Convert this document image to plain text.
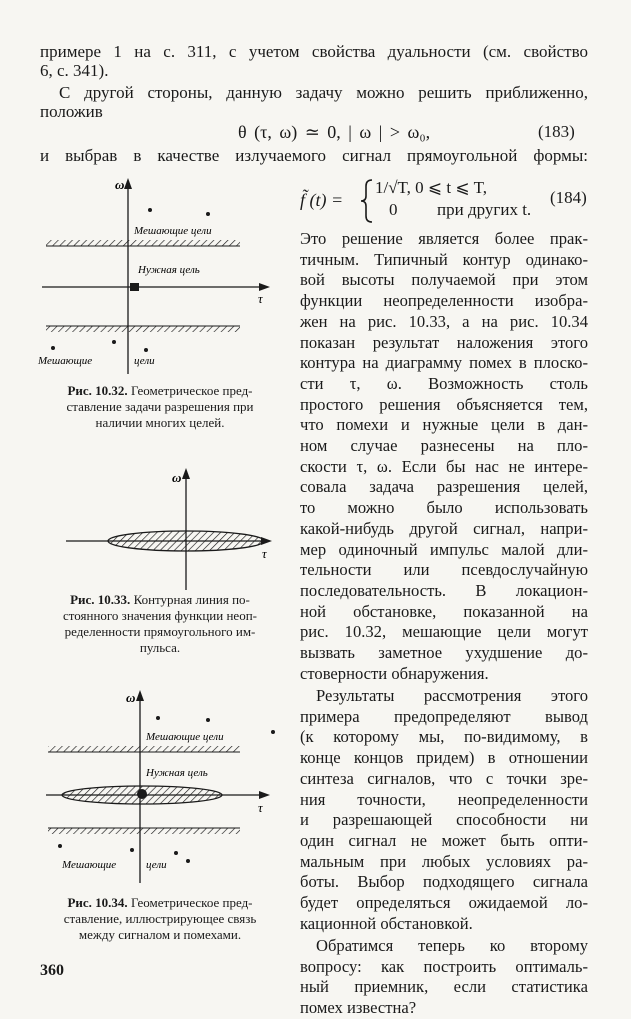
примере 1 на с. 311, с учетом свойства дуальности (см. свойство
6, с. 341).
С другой стороны, данную задачу можно решить приближенно,
положив
θ (τ, ω) ≃ 0, | ω | > ω₀,	(183)
и выбрав в качестве излучаемого сигнал прямоугольной формы:
f̃ (t) =
1/√T, 0 ⩽ t ⩽ T,
0 при других t.
(184)
Это решение является более прак-
тичным. Типичный контур одинако-
вой высоты получаемой при этом
функции неопределенности изобра-
жен на рис. 10.33, а на рис. 10.34
показан результат наложения этого
контура на диаграмму помех в плоско-
сти τ, ω. Возможность столь
простого решения объясняется тем,
что помехи и нужные цели в дан-
ном случае разнесены на пло-
скости τ, ω. Если бы нас не интере-
совала задача разрешения целей,
то можно было использовать
какой-нибудь другой сигнал, напри-
мер одиночный импульс малой дли-
тельности или псевдослучайную
последовательность. В локацион-
ной обстановке, показанной на
рис. 10.32, мешающие цели могут
вызвать заметное ухудшение до-
стоверности обнаружения.
Результаты рассмотрения этого
примера предопределяют вывод
(к которому мы, по-видимому, в
конце концов придем) в отношении
синтеза сигналов, что с точки зре-
ния точности, неопределенности
и разрешающей способности ни
один сигнал не может быть опти-
мальным при любых условиях ра-
боты. Выбор подходящего сигнала
будет определяться ожидаемой ло-
кационной обстановкой.
Обратимся теперь ко второму
вопросу: как построить оптималь-
ный приемник, если статистика
помех известна?
ω
τ
Мешающие цели
Нужная цель
Мешающие	цели
Рис. 10.32. Геометрическое пред-
ставление задачи разрешения при
наличии многих целей.
ω
τ
Рис. 10.33. Контурная линия по-
стоянного значения функции неоп-
ределенности прямоугольного им-
пульса.
ω
τ
Мешающие цели
Нужная цель
Мешающие	цели
Рис. 10.34. Геометрическое пред-
ставление, иллюстрирующее связь
между сигналом и помехами.
360
